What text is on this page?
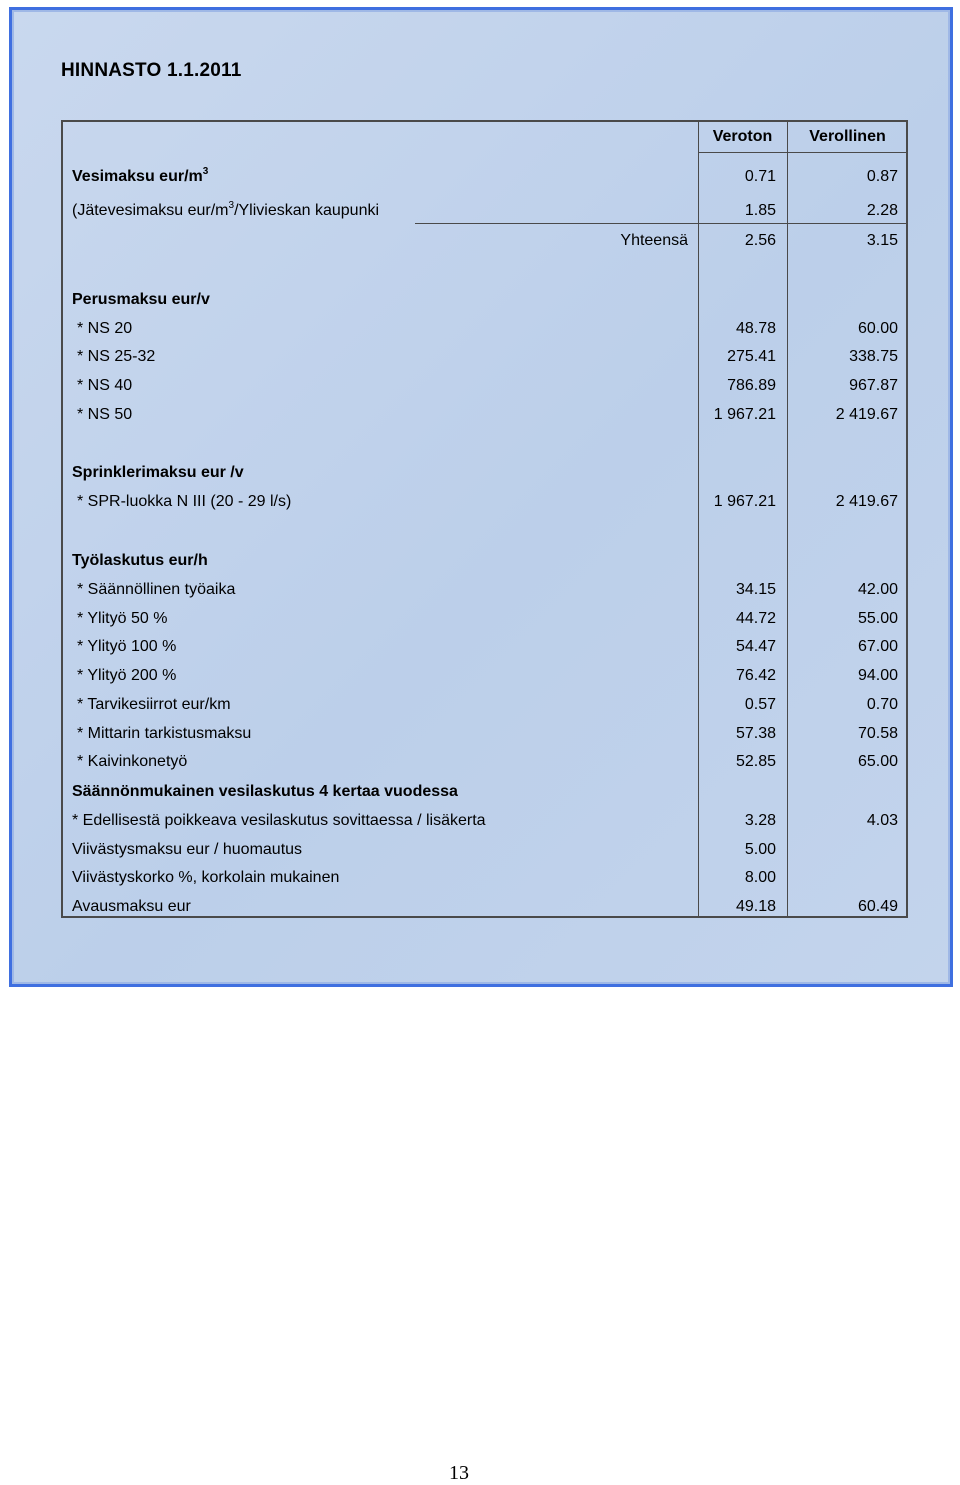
HINNASTO 1.1.2011
Veroton	Verollinen
Vesimaksu eur/$m^3$	0.71	0.87
(Jätevesimaksu eur/$m^3$/Ylivieskan kaupunki	1.85	2.28
Yhteensä	2.56	3.15
Perusmaksu eur/v
* NS 20	48.78	60.00
* NS 25-32	275.41	338.75
* NS 40	786.89	967.87
* NS 50	1 967.21	2 419.67
Sprinklerimaksu eur /v
* SPR-luokka N III (20 - 29 l/s)	1 967.21	2 419.67
Työlaskutus eur/h
* Säännöllinen työaika	34.15	42.00
* Ylityö 50 %	44.72	55.00
* Ylityö 100 %	54.47	67.00
* Ylityö 200 %	76.42	94.00
* Tarvikesiirrot eur/km	0.57	0.70
* Mittarin tarkistusmaksu	57.38	70.58
* Kaivinkonetyö	52.85	65.00
Säännönmukainen vesilaskutus 4 kertaa vuodessa
* Edellisestä poikkeava vesilaskutus sovittaessa / lisäkerta	3.28	4.03
Viivästysmaksu eur / huomautus	5.00
Viivästyskorko %, korkolain mukainen	8.00
Avausmaksu eur	49.18	60.49
13
